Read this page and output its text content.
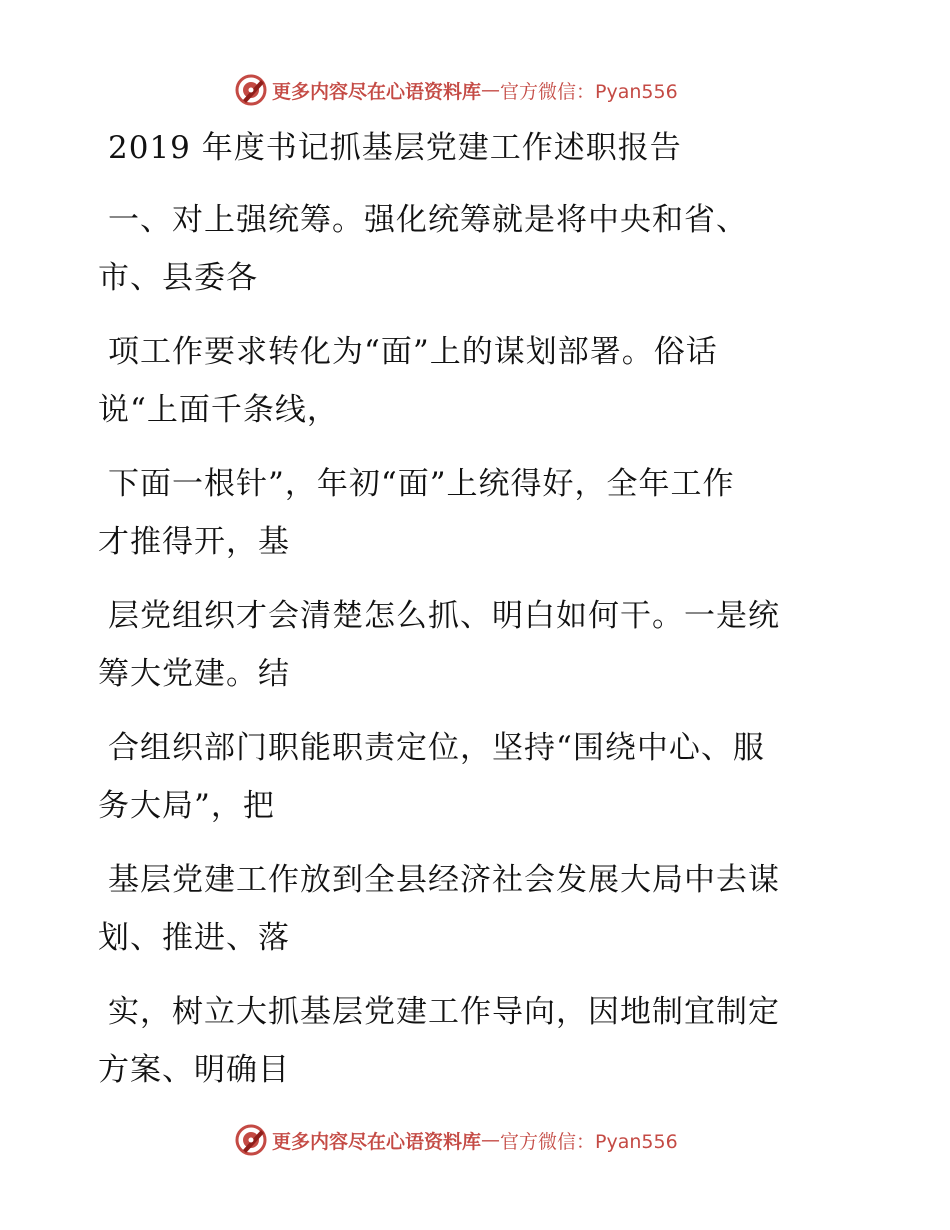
更多内容尽在心语资料库 — 官方微信：Pyan556
2019 年度书记抓基层党建工作述职报告
一、对上强统筹。强化统筹就是将中央和省、
市、县委各
项工作要求转化为“面”上的谋划部署。俗话
说“上面千条线，
下面一根针”，年初“面”上统得好，全年工作
才推得开，基
层党组织才会清楚怎么抓、明白如何干。一是统
筹大党建。结
合组织部门职能职责定位，坚持“围绕中心、服
务大局”，把
基层党建工作放到全县经济社会发展大局中去谋
划、推进、落
实，树立大抓基层党建工作导向，因地制宜制定
方案、明确目
更多内容尽在心语资料库 — 官方微信：Pyan556
